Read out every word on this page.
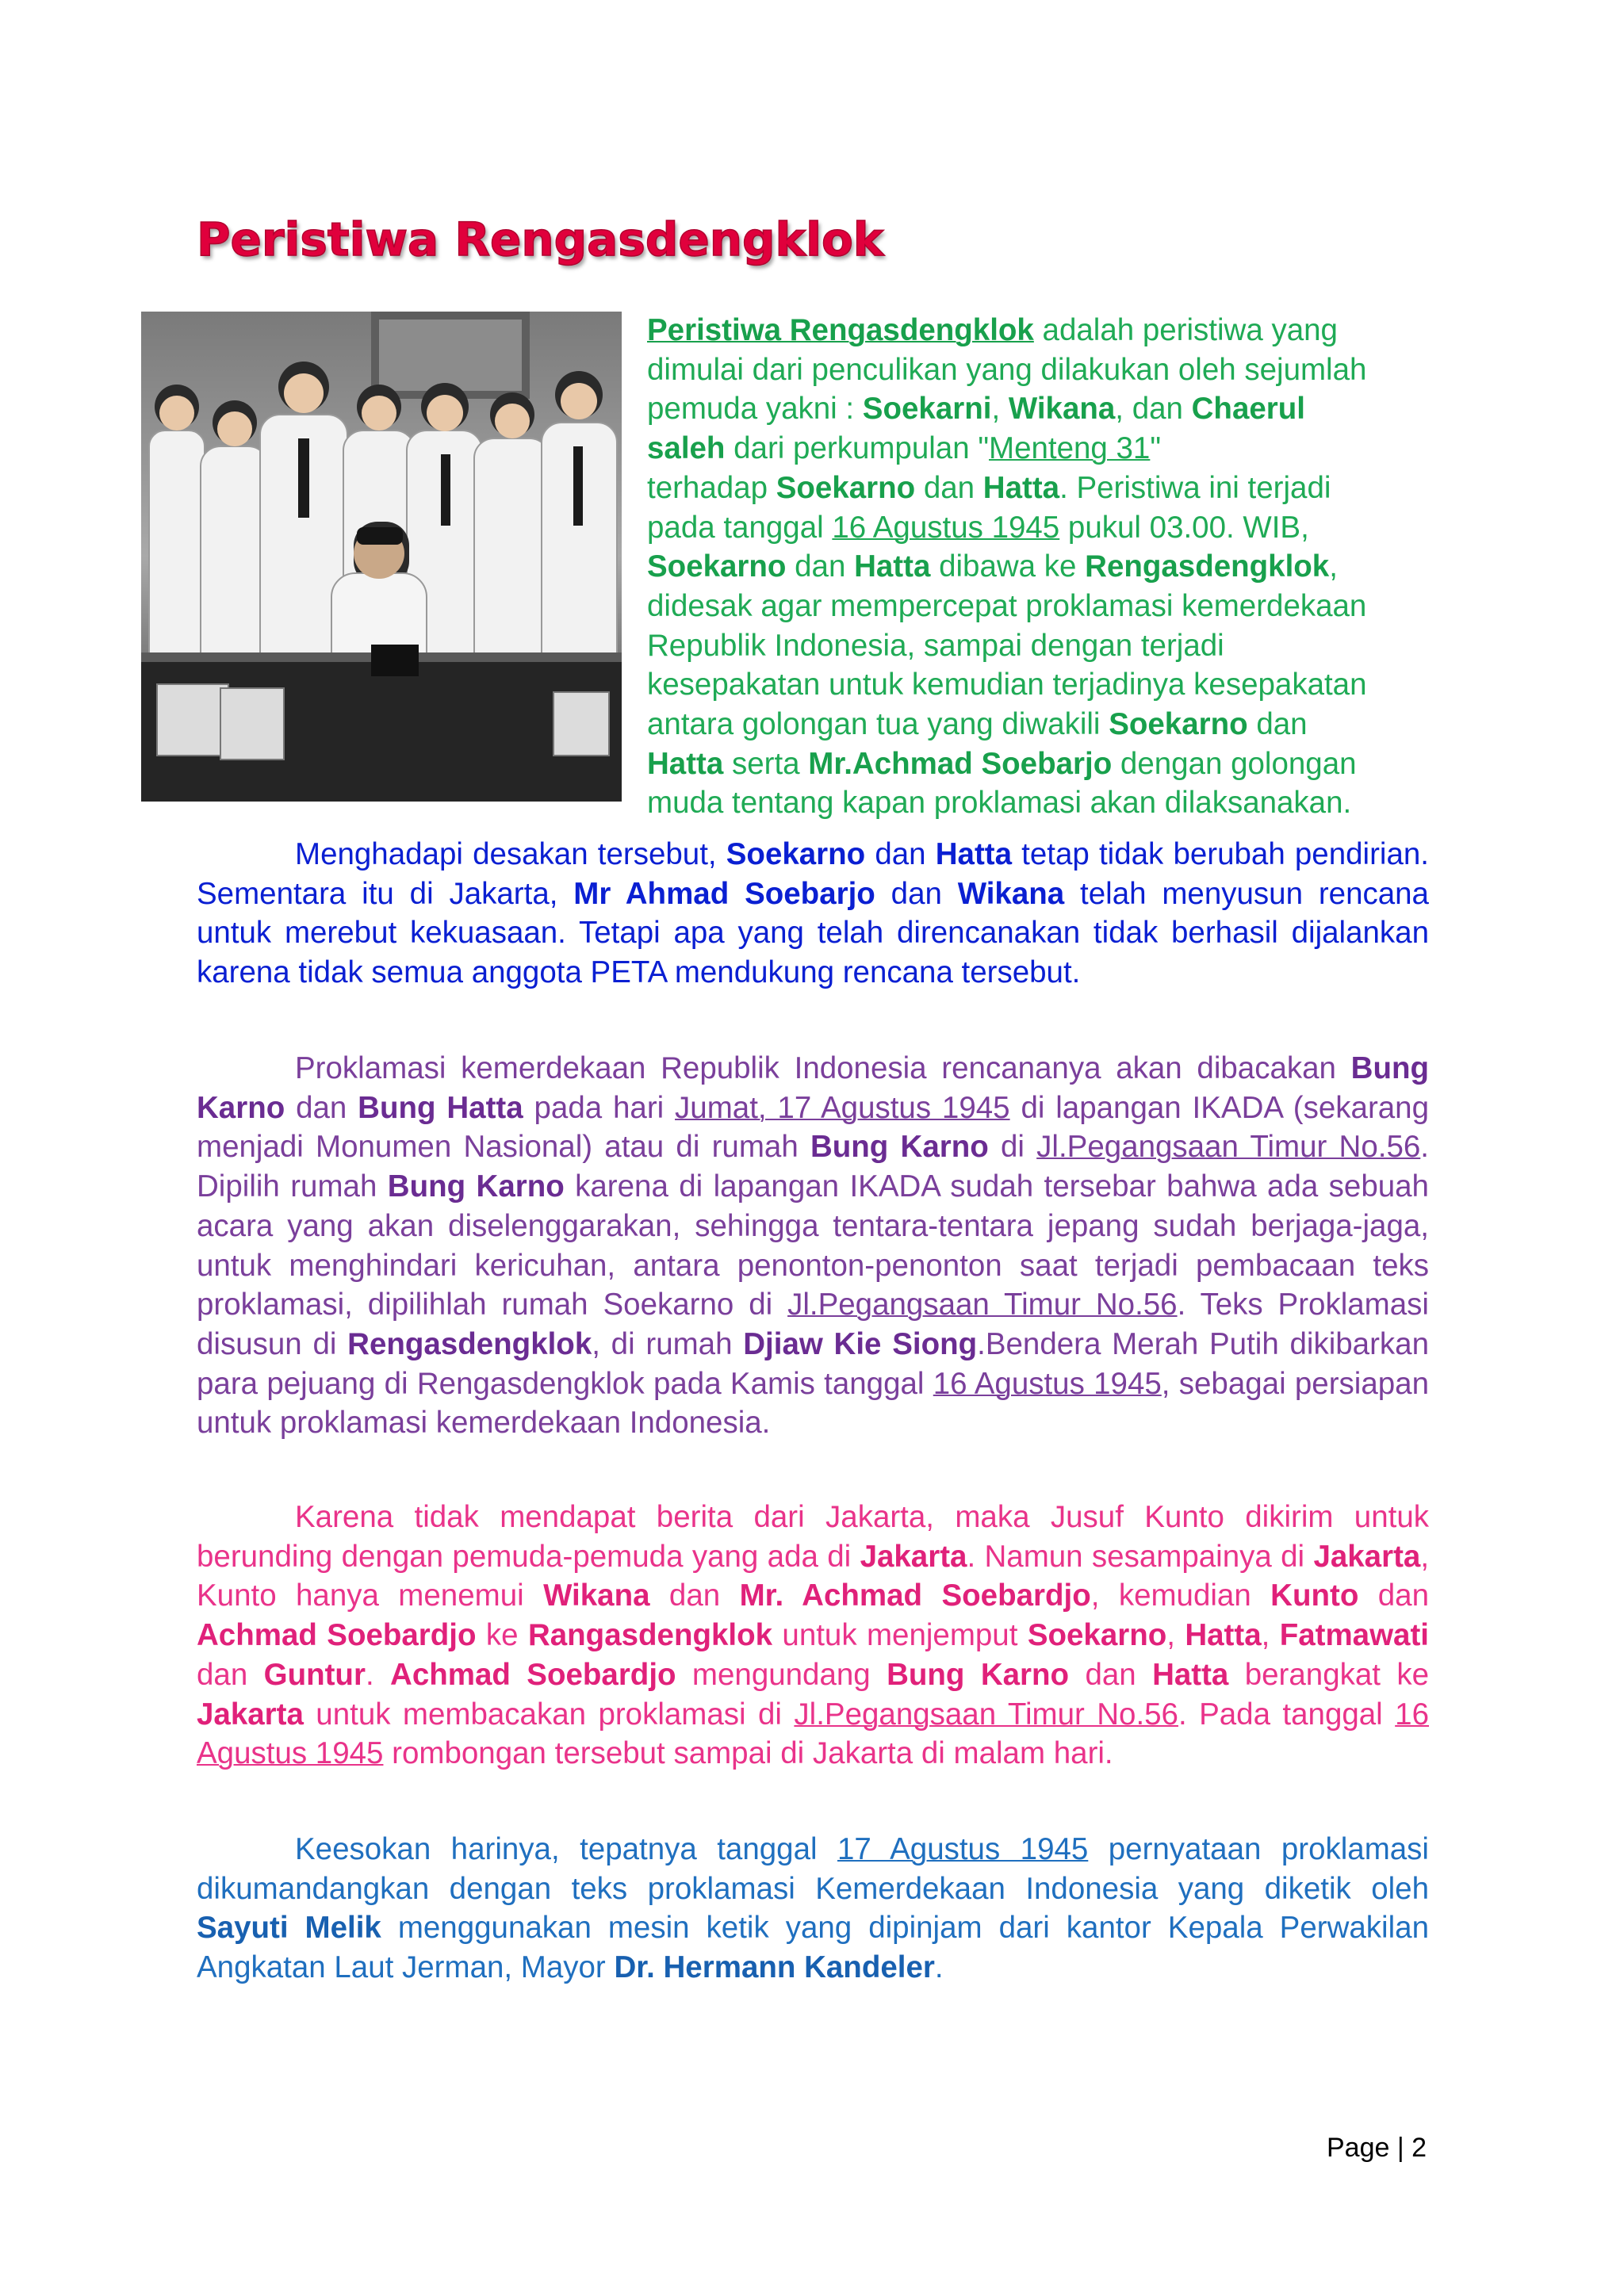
Peristiwa Rengasdengklok
Peristiwa Rengasdengklok adalah peristiwa yang
dimulai dari penculikan yang dilakukan oleh sejumlah
pemuda yakni : Soekarni, Wikana, dan Chaerul
saleh dari perkumpulan "Menteng 31"
terhadap Soekarno dan Hatta. Peristiwa ini terjadi
pada tanggal 16 Agustus 1945 pukul 03.00. WIB,
Soekarno dan Hatta dibawa ke Rengasdengklok,
didesak agar mempercepat proklamasi kemerdekaan
Republik Indonesia, sampai dengan terjadi
kesepakatan untuk kemudian terjadinya kesepakatan
antara golongan tua yang diwakili Soekarno dan
Hatta serta Mr.Achmad Soebarjo dengan golongan
muda tentang kapan proklamasi akan dilaksanakan.

Menghadapi desakan tersebut, Soekarno dan Hatta tetap tidak berubah pendirian. Sementara itu di Jakarta, Mr Ahmad Soebarjo dan Wikana telah menyusun rencana untuk merebut kekuasaan. Tetapi apa yang telah direncanakan tidak berhasil dijalankan karena tidak semua anggota PETA mendukung rencana tersebut.

Proklamasi kemerdekaan Republik Indonesia rencananya akan dibacakan Bung Karno dan Bung Hatta pada hari Jumat, 17 Agustus 1945 di lapangan IKADA (sekarang menjadi Monumen Nasional) atau di rumah Bung Karno di Jl.Pegangsaan Timur No.56. Dipilih rumah Bung Karno karena di lapangan IKADA sudah tersebar bahwa ada sebuah acara yang akan diselenggarakan, sehingga tentara-tentara jepang sudah berjaga-jaga, untuk menghindari kericuhan, antara penonton-penonton saat terjadi pembacaan teks proklamasi, dipilihlah rumah Soekarno di Jl.Pegangsaan Timur No.56. Teks Proklamasi disusun di Rengasdengklok, di rumah Djiaw Kie Siong.Bendera Merah Putih dikibarkan para pejuang di Rengasdengklok pada Kamis tanggal 16 Agustus 1945, sebagai persiapan untuk proklamasi kemerdekaan Indonesia.

Karena tidak mendapat berita dari Jakarta, maka Jusuf Kunto dikirim untuk berunding dengan pemuda-pemuda yang ada di Jakarta. Namun sesampainya di Jakarta, Kunto hanya menemui Wikana dan Mr. Achmad Soebardjo, kemudian Kunto dan Achmad Soebardjo ke Rangasdengklok untuk menjemput Soekarno, Hatta, Fatmawati dan Guntur. Achmad Soebardjo mengundang Bung Karno dan Hatta berangkat ke Jakarta untuk membacakan proklamasi di Jl.Pegangsaan Timur No.56. Pada tanggal 16 Agustus 1945 rombongan tersebut sampai di Jakarta di malam hari.

Keesokan harinya, tepatnya tanggal 17 Agustus 1945 pernyataan proklamasi dikumandangkan dengan teks proklamasi Kemerdekaan Indonesia yang diketik oleh Sayuti Melik menggunakan mesin ketik yang dipinjam dari kantor Kepala Perwakilan Angkatan Laut Jerman, Mayor Dr. Hermann Kandeler.

Page | 2
